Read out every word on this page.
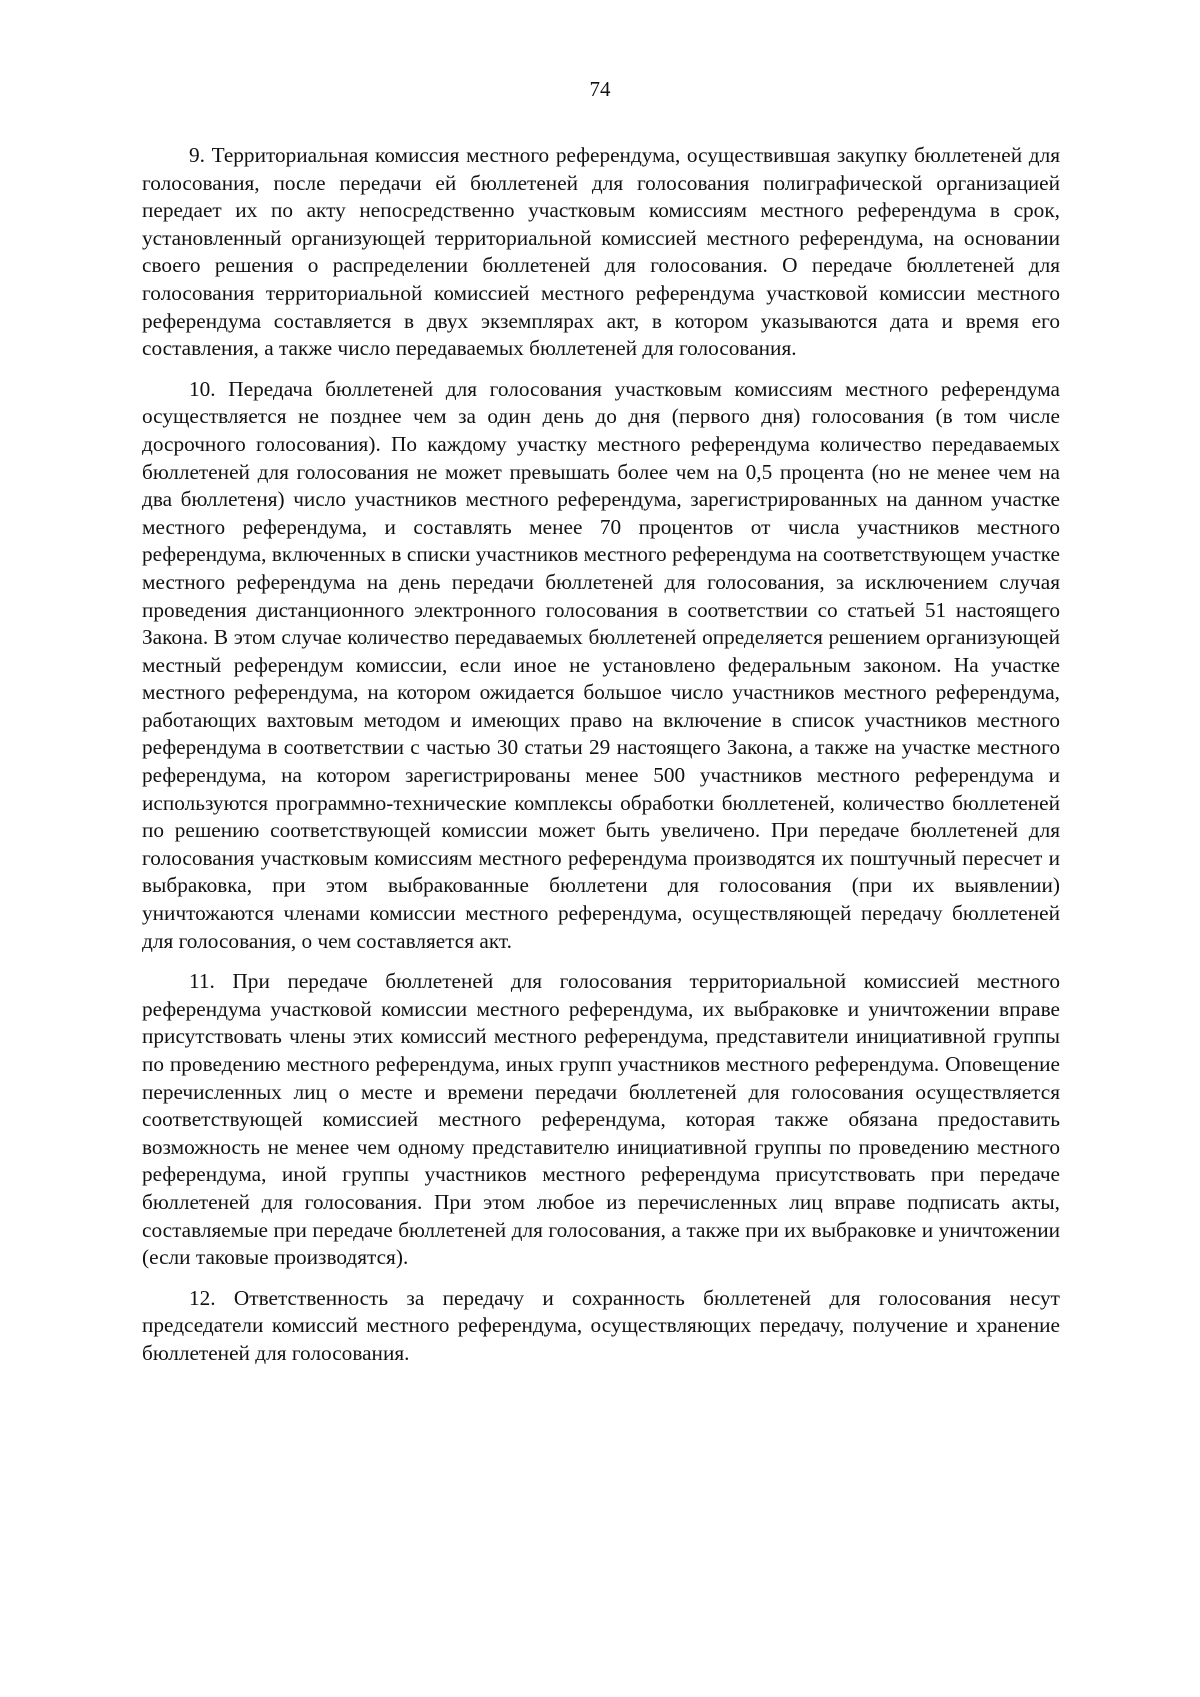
74

9. Территориальная комиссия местного референдума, осуществившая закупку бюллетеней для голосования, после передачи ей бюллетеней для голосования полиграфической организацией передает их по акту непосредственно участковым комиссиям местного референдума в срок, установленный организующей территориальной комиссией местного референдума, на основании своего решения о распределении бюллетеней для голосования. О передаче бюллетеней для голосования территориальной комиссией местного референдума участковой комиссии местного референдума составляется в двух экземплярах акт, в котором указываются дата и время его составления, а также число передаваемых бюллетеней для голосования.

10. Передача бюллетеней для голосования участковым комиссиям местного референдума осуществляется не позднее чем за один день до дня (первого дня) голосования (в том числе досрочного голосования). По каждому участку местного референдума количество передаваемых бюллетеней для голосования не может превышать более чем на 0,5 процента (но не менее чем на два бюллетеня) число участников местного референдума, зарегистрированных на данном участке местного референдума, и составлять менее 70 процентов от числа участников местного референдума, включенных в списки участников местного референдума на соответствующем участке местного референдума на день передачи бюллетеней для голосования, за исключением случая проведения дистанционного электронного голосования в соответствии со статьей 51 настоящего Закона. В этом случае количество передаваемых бюллетеней определяется решением организующей местный референдум комиссии, если иное не установлено федеральным законом. На участке местного референдума, на котором ожидается большое число участников местного референдума, работающих вахтовым методом и имеющих право на включение в список участников местного референдума в соответствии с частью 30 статьи 29 настоящего Закона, а также на участке местного референдума, на котором зарегистрированы менее 500 участников местного референдума и используются программно-технические комплексы обработки бюллетеней, количество бюллетеней по решению соответствующей комиссии может быть увеличено. При передаче бюллетеней для голосования участковым комиссиям местного референдума производятся их поштучный пересчет и выбраковка, при этом выбракованные бюллетени для голосования (при их выявлении) уничтожаются членами комиссии местного референдума, осуществляющей передачу бюллетеней для голосования, о чем составляется акт.

11. При передаче бюллетеней для голосования территориальной комиссией местного референдума участковой комиссии местного референдума, их выбраковке и уничтожении вправе присутствовать члены этих комиссий местного референдума, представители инициативной группы по проведению местного референдума, иных групп участников местного референдума. Оповещение перечисленных лиц о месте и времени передачи бюллетеней для голосования осуществляется соответствующей комиссией местного референдума, которая также обязана предоставить возможность не менее чем одному представителю инициативной группы по проведению местного референдума, иной группы участников местного референдума присутствовать при передаче бюллетеней для голосования. При этом любое из перечисленных лиц вправе подписать акты, составляемые при передаче бюллетеней для голосования, а также при их выбраковке и уничтожении (если таковые производятся).

12. Ответственность за передачу и сохранность бюллетеней для голосования несут председатели комиссий местного референдума, осуществляющих передачу, получение и хранение бюллетеней для голосования.
